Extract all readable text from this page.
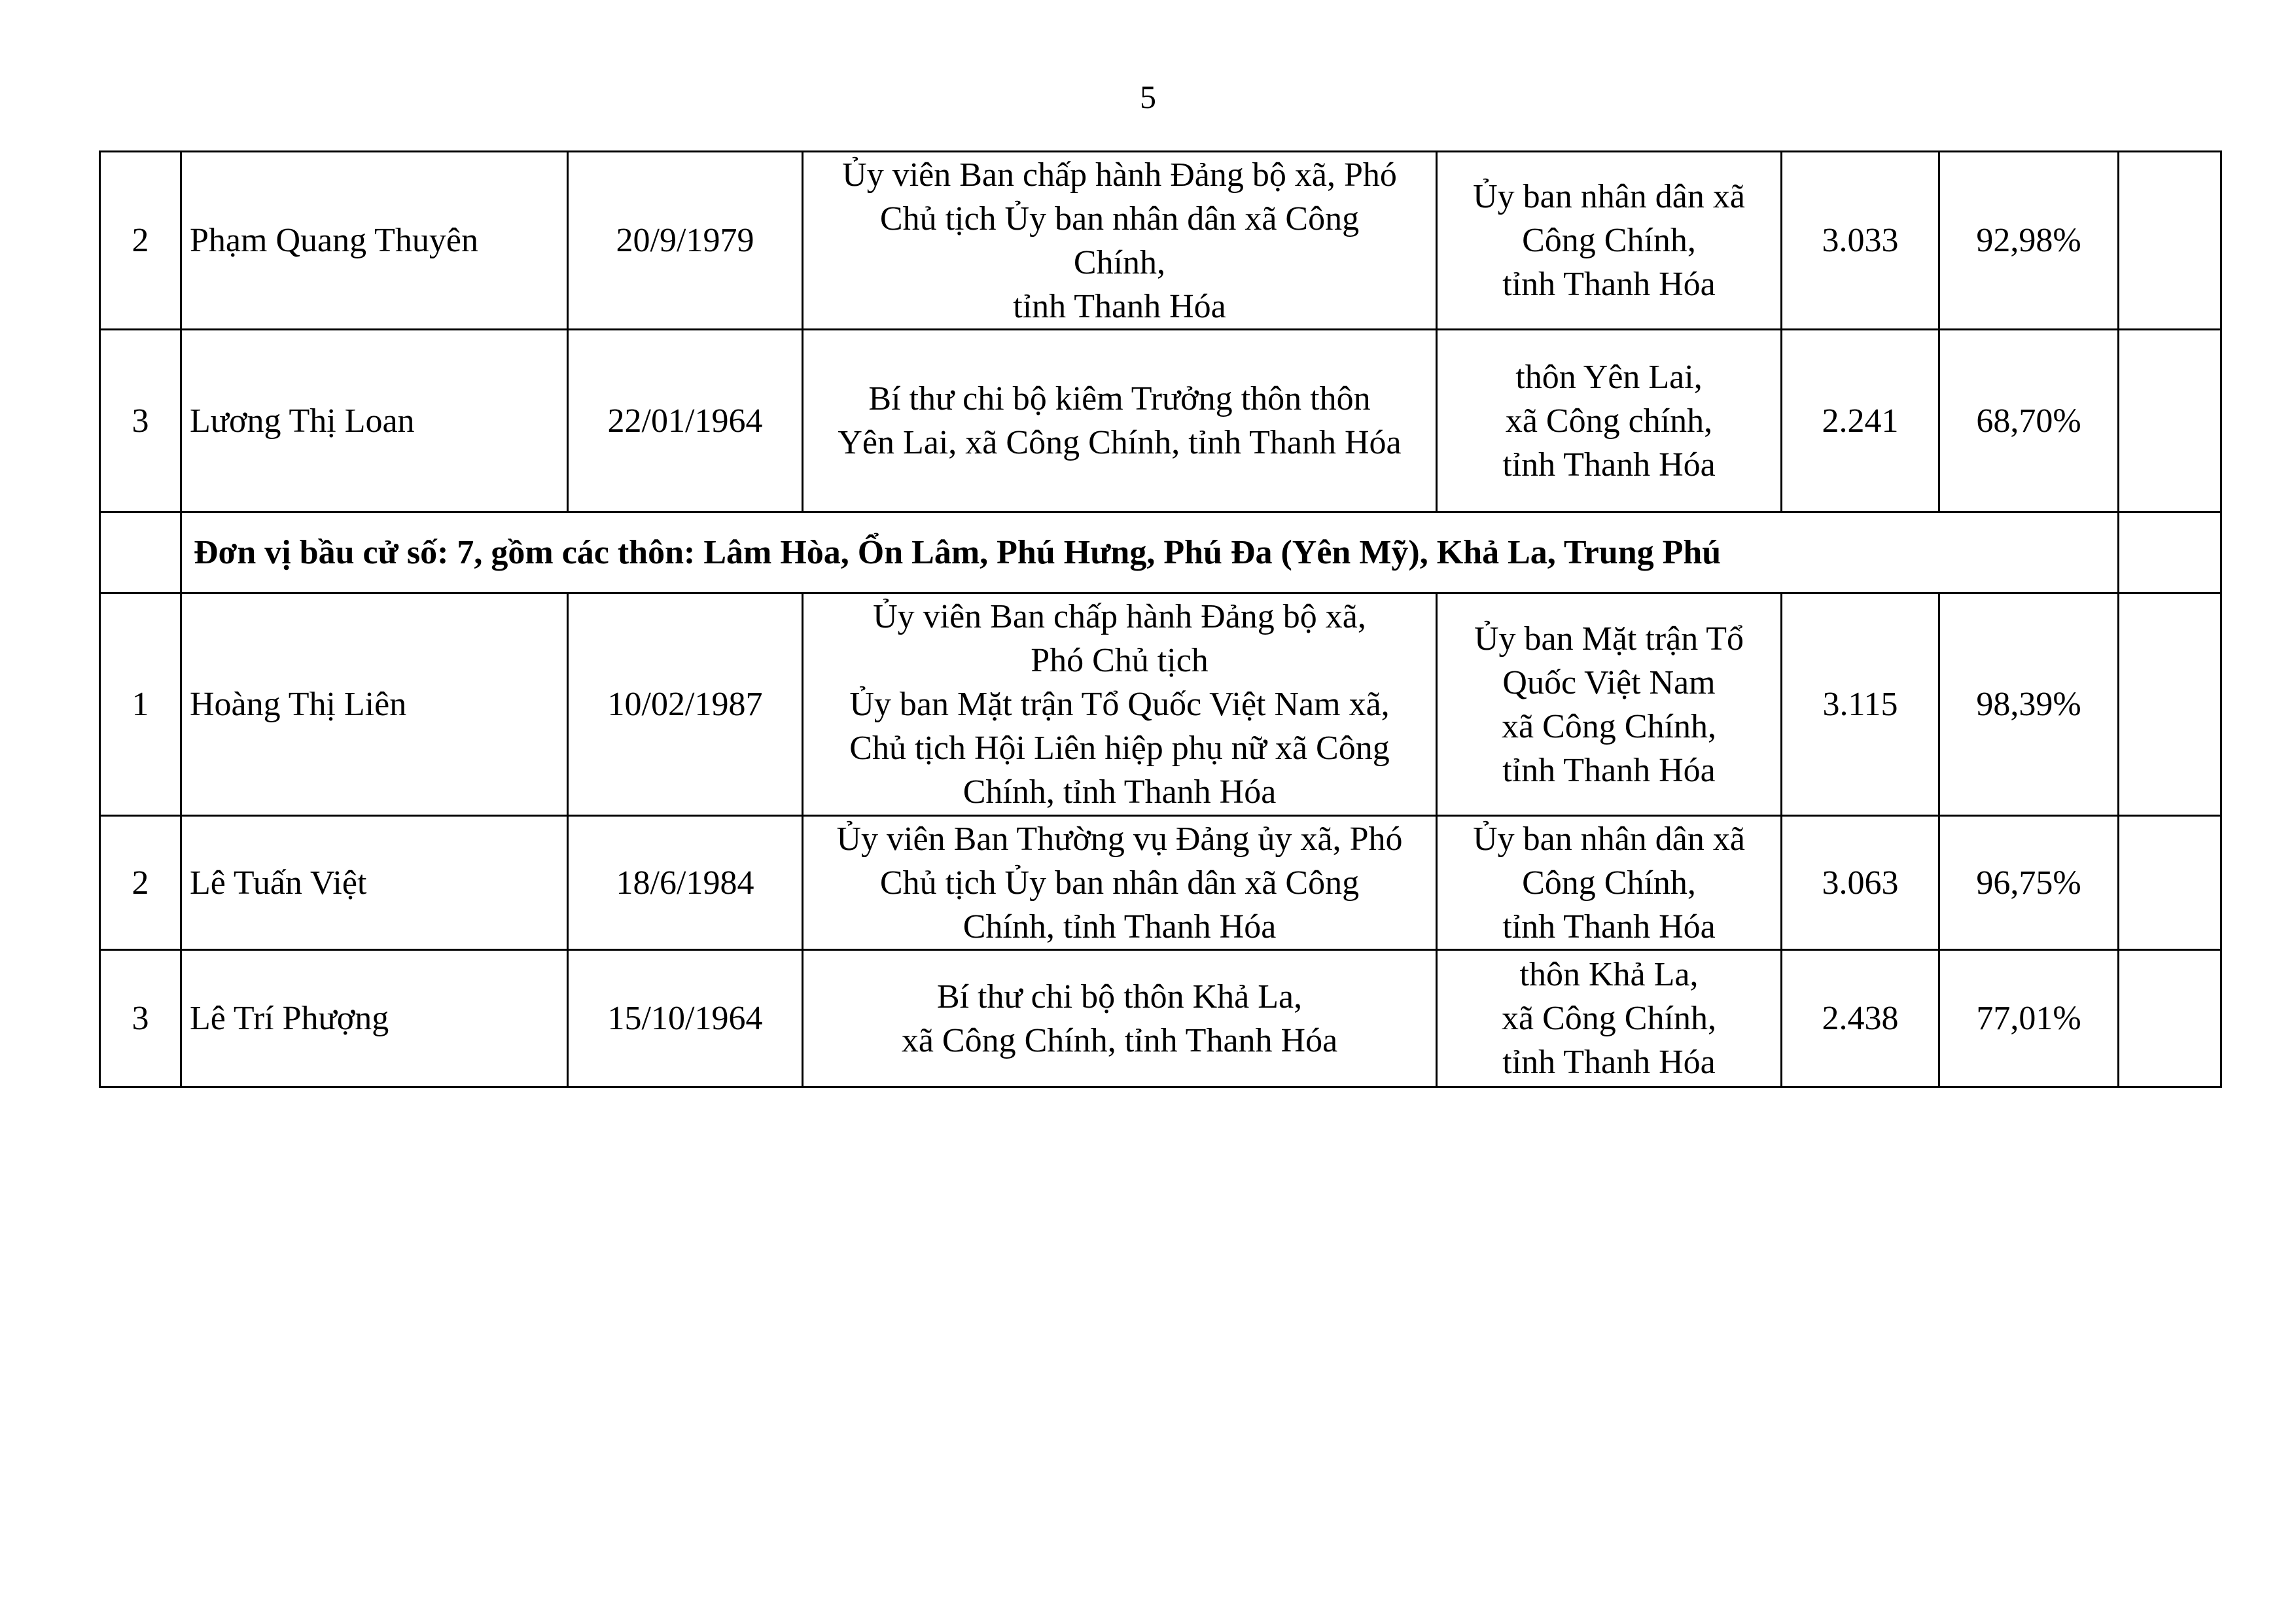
5
2	Phạm Quang Thuyên	20/9/1979	Ủy viên Ban chấp hành Đảng bộ xã, Phó
Chủ tịch Ủy ban nhân dân xã Công
Chính,
tỉnh Thanh Hóa	Ủy ban nhân dân xã
Công Chính,
tỉnh Thanh Hóa	3.033	92,98%	
3	Lương Thị Loan	22/01/1964	Bí thư chi bộ kiêm Trưởng thôn thôn
Yên Lai, xã Công Chính, tỉnh Thanh Hóa	thôn Yên Lai,
xã Công chính,
tỉnh Thanh Hóa	2.241	68,70%	
	Đơn vị bầu cử số: 7, gồm các thôn: Lâm Hòa, Ổn Lâm, Phú Hưng, Phú Đa (Yên Mỹ), Khả La, Trung Phú						
1	Hoàng Thị Liên	10/02/1987	Ủy viên Ban chấp hành Đảng bộ xã,
Phó Chủ tịch
Ủy ban Mặt trận Tổ Quốc Việt Nam xã,
Chủ tịch Hội Liên hiệp phụ nữ xã Công
Chính, tỉnh Thanh Hóa	Ủy ban Mặt trận Tổ
Quốc Việt Nam
xã Công Chính,
tỉnh Thanh Hóa	3.115	98,39%	
2	Lê Tuấn Việt	18/6/1984	Ủy viên Ban Thường vụ Đảng ủy xã, Phó
Chủ tịch Ủy ban nhân dân xã Công
Chính, tỉnh Thanh Hóa	Ủy ban nhân dân xã
Công Chính,
tỉnh Thanh Hóa	3.063	96,75%	
3	Lê Trí Phượng	15/10/1964	Bí thư chi bộ thôn Khả La,
xã Công Chính, tỉnh Thanh Hóa	thôn Khả La,
xã Công Chính,
tỉnh Thanh Hóa	2.438	77,01%	
